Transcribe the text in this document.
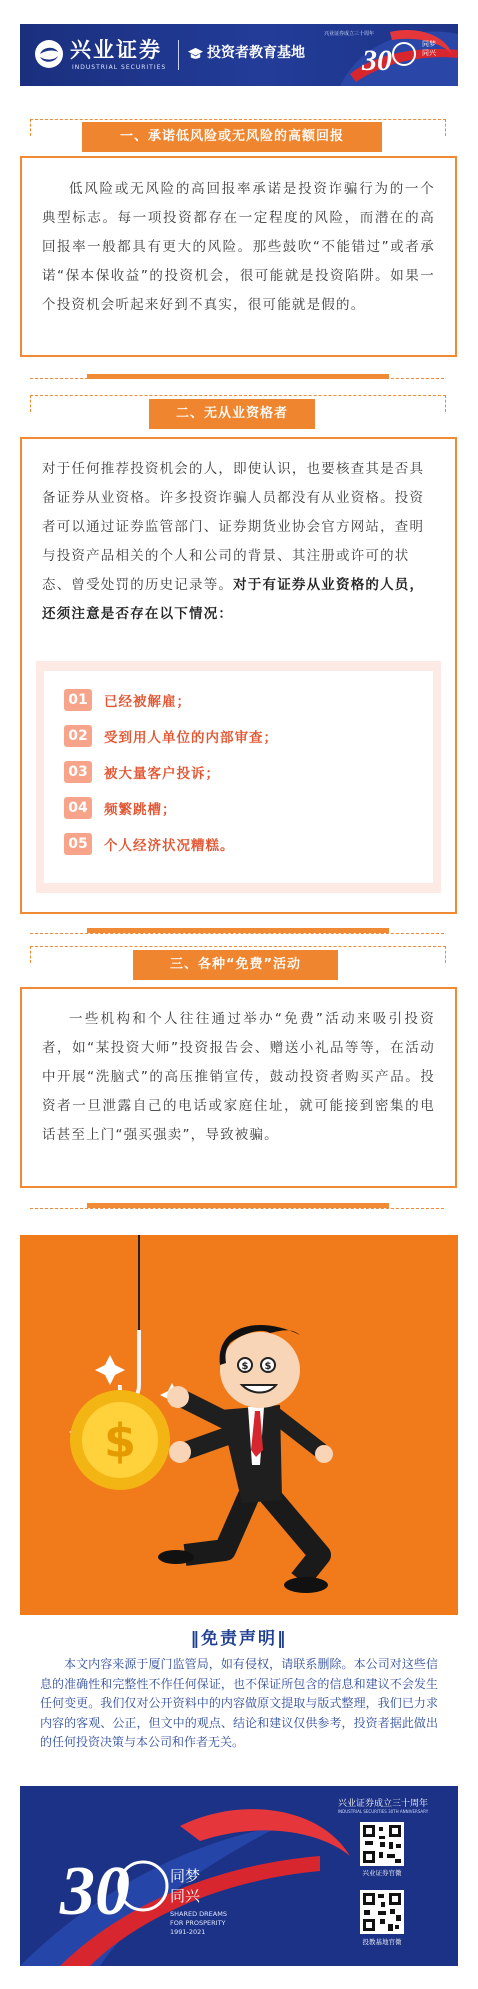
兴业证券
INDUSTRIAL SECURITIES
投资者教育基地
兴业证券成立三十周年
30	同梦同兴
一、承诺低风险或无风险的高额回报

低风险或无风险的高回报率承诺是投资诈骗行为的一个典型标志。每一项投资都存在一定程度的风险，而潜在的高回报率一般都具有更大的风险。那些鼓吹“不能错过”或者承诺“保本保收益”的投资机会，很可能就是投资陷阱。如果一个投资机会听起来好到不真实，很可能就是假的。

二、无从业资格者

对于任何推荐投资机会的人，即使认识，也要核查其是否具备证券从业资格。许多投资诈骗人员都没有从业资格。投资者可以通过证券监管部门、证券期货业协会官方网站，查明与投资产品相关的个人和公司的背景、其注册或许可的状态、曾受处罚的历史记录等。

对于有证券从业资格的人员，还须注意是否存在以下情况：
01	已经被解雇；
02	受到用人单位的内部审查；
03	被大量客户投诉；
04	频繁跳槽；
05	个人经济状况糟糕。
三、各种“免费”活动

一些机构和个人往往通过举办“免费”活动来吸引投资者，如“某投资大师”投资报告会、赠送小礼品等等，在活动中开展“洗脑式”的高压推销宣传，鼓动投资者购买产品。投资者一旦泄露自己的电话或家庭住址，就可能接到密集的电话甚至上门“强买强卖”，导致被骗。

$
$ $
‖免责声明‖

本文内容来源于厦门监管局，如有侵权，请联系删除。本公司对这些信息的准确性和完整性不作任何保证，也不保证所包含的信息和建议不会发生任何变更。我们仅对公开资料中的内容做原文提取与版式整理，我们已力求内容的客观、公正，但文中的观点、结论和建议仅供参考，投资者据此做出的任何投资决策与本公司和作者无关。

30	同梦
同兴
SHARED DREAMS
FOR PROSPERITY
1991-2021
兴业证券成立三十周年
INDUSTRIAL SECURITIES 30TH ANNIVERSARY
兴业证券官微
投教基地官微
